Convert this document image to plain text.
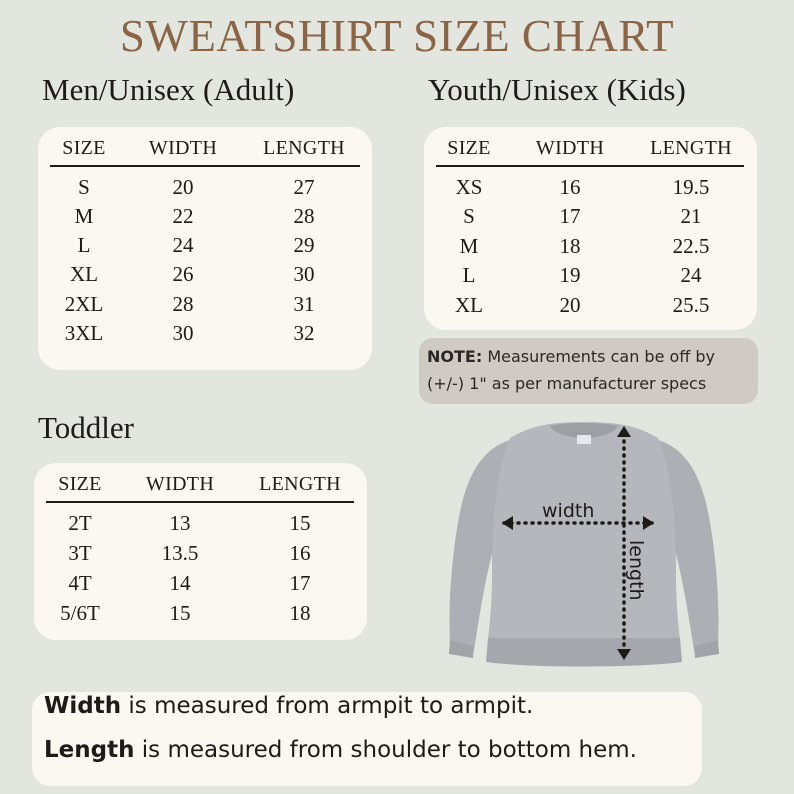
SWEATSHIRT SIZE CHART
Men/Unisex (Adult)
SIZE	WIDTH	LENGTH
S	20	27
M	22	28
L	24	29
XL	26	30
2XL	28	31
3XL	30	32
Youth/Unisex (Kids)
SIZE	WIDTH	LENGTH
XS	16	19.5
S	17	21
M	18	22.5
L	19	24
XL	20	25.5
NOTE: Measurements can be off by
(+/-) 1" as per manufacturer specs
Toddler
SIZE	WIDTH	LENGTH
2T	13	15
3T	13.5	16
4T	14	17
5/6T	15	18
width
length
Width is measured from armpit to armpit.
Length is measured from shoulder to bottom hem.
